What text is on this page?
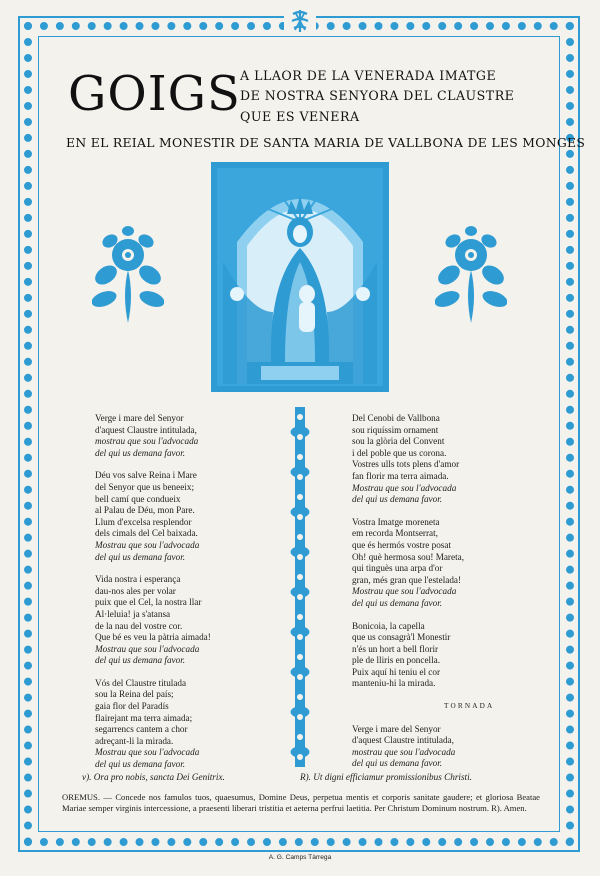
GOIGS A LLAOR DE LA VENERADA IMATGE
DE NOSTRA SENYORA DEL CLAUSTRE
QUE ES VENERA
EN EL REIAL MONESTIR DE SANTA MARIA DE VALLBONA DE LES MONGES

Verge i mare del Senyor

d'aquest Claustre intitulada,

mostrau que sou l'advocada

del qui us demana favor.

Déu vos salve Reina i Mare

del Senyor que us beneeix;

bell camí que condueix

al Palau de Déu, mon Pare.

Llum d'excelsa resplendor

dels cimals del Cel baixada.

Mostrau que sou l'advocada

del qui us demana favor.

Vida nostra i esperança

dau-nos ales per volar

puix que el Cel, la nostra llar

Al·leluia! ja s'atansa

de la nau del vostre cor.

Que bé es veu la pàtria aimada!

Mostrau que sou l'advocada

del qui us demana favor.

Vós del Claustre titulada

sou la Reina del país;

gaia flor del Paradís

flairejant ma terra aimada;

segarrencs cantem a chor

adreçant-li la mirada.

Mostrau que sou l'advocada

del qui us demana favor.

Del Cenobi de Vallbona

sou riquíssim ornament

sou la glòria del Convent

i del poble que us corona.

Vostres ulls tots plens d'amor

fan florir ma terra aimada.

Mostrau que sou l'advocada

del qui us demana favor.

Vostra Imatge moreneta

em recorda Montserrat,

que és hermós vostre posat

Oh! què hermosa sou! Mareta,

qui tinguès una arpa d'or

gran, més gran que l'estelada!

Mostrau que sou l'advocada

del qui us demana favor.

Bonicoia, la capella

que us consagrà'l Monestir

n'és un hort a bell florir

ple de lliris en poncella.

Puix aquí hi teniu el cor

manteniu-hi la mirada.

TORNADA

Verge i mare del Senyor

d'aquest Claustre intitulada,

mostrau que sou l'advocada

del qui us demana favor.

v). Ora pro nobis, sancta Dei Genitrix.	R). Ut digni efficiamur promissionibus Christi.

OREMUS. — Concede nos famulos tuos, quaesumus, Domine Deus, perpetua mentis et corporis sanitate gaudere; et gloriosa Beatae Mariae semper virginis intercessione, a praesenti liberari tristitia et aeterna perfrui laetitia. Per Christum Dominum nostrum. R). Amen.

A. G. Camps Tàrrega
